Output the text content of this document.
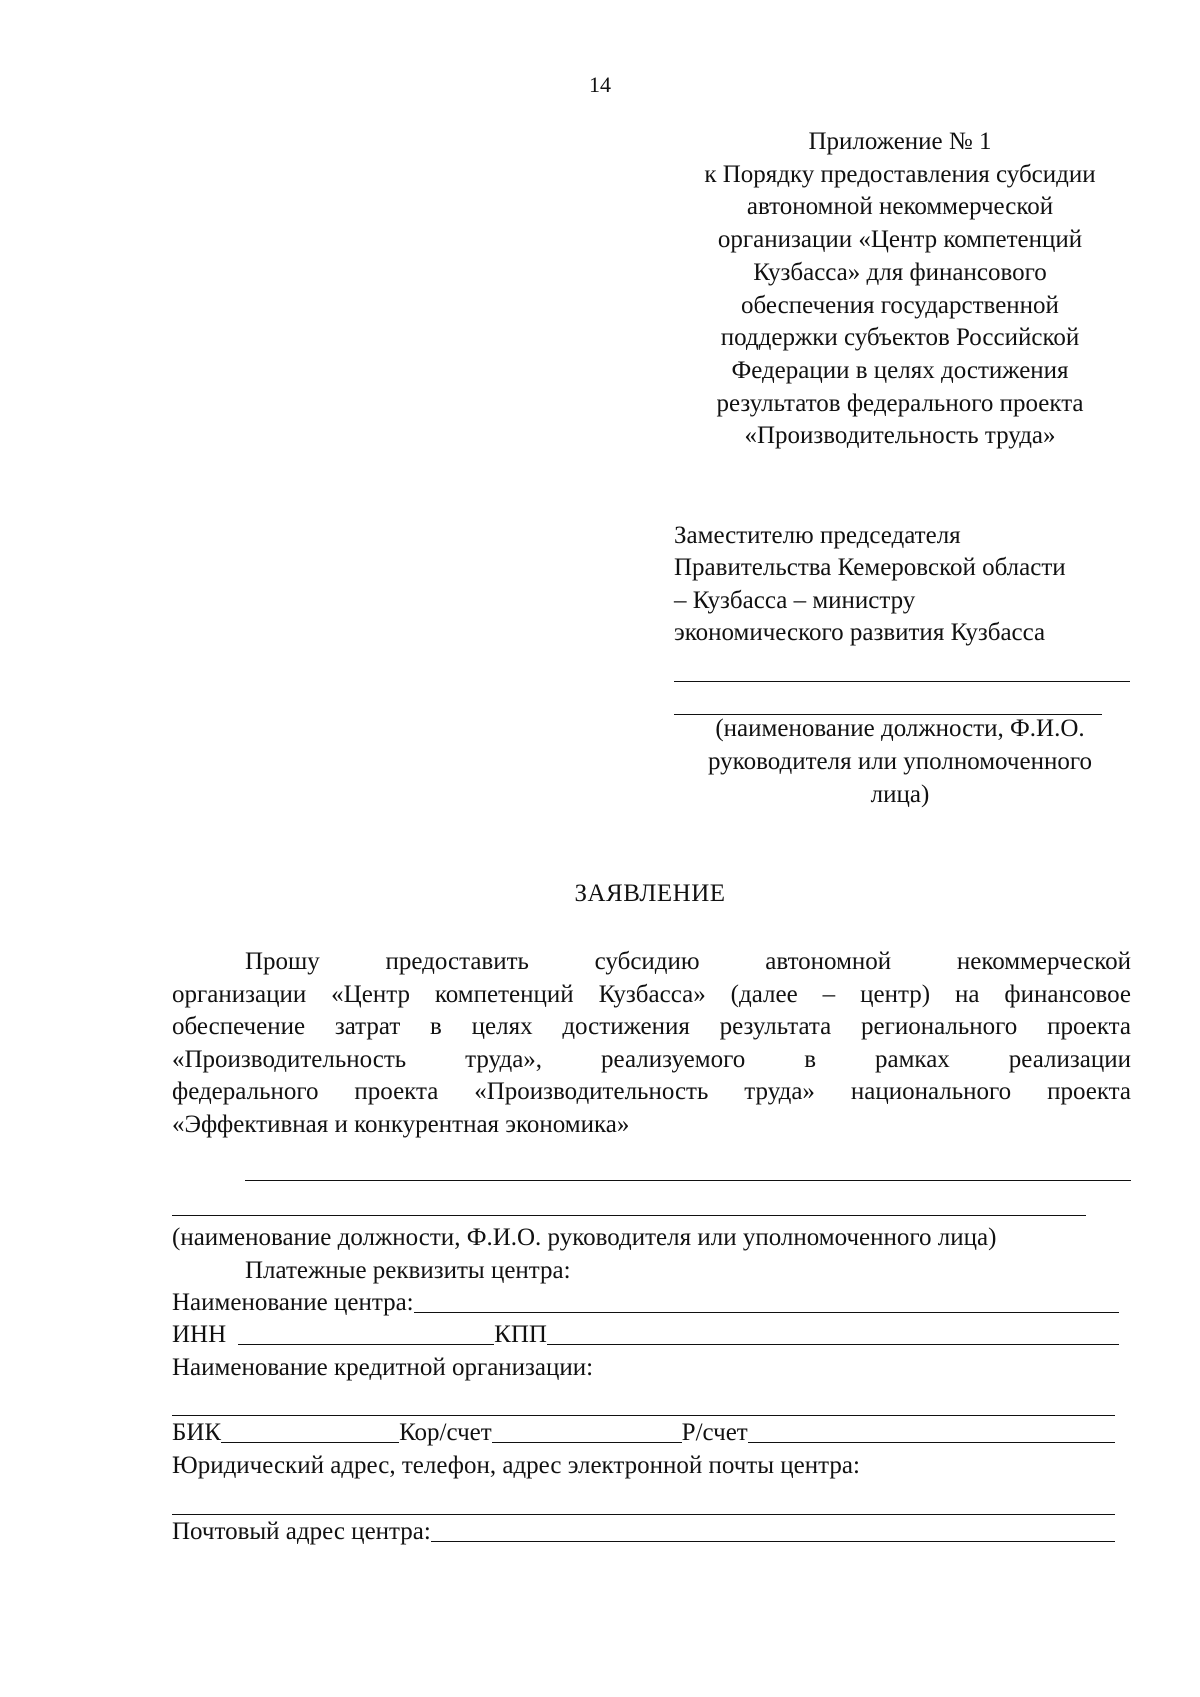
14
Приложение № 1
к Порядку предоставления субсидии
автономной некоммерческой
организации «Центр компетенций
Кузбасса» для финансового
обеспечения государственной
поддержки субъектов Российской
Федерации в целях достижения
результатов федерального проекта
«Производительность труда»
Заместителю председателя
Правительства Кемеровской области
– Кузбасса – министру
экономического развития Кузбасса
(наименование должности, Ф.И.О.
руководителя или уполномоченного
лица)
ЗАЯВЛЕНИЕ
Прошу предоставить субсидию автономной некоммерческой
организации «Центр компетенций Кузбасса» (далее – центр) на финансовое
обеспечение затрат в целях достижения результата регионального проекта
«Производительность труда», реализуемого в рамках реализации
федерального проекта «Производительность труда» национального проекта
«Эффективная и конкурентная экономика»
(наименование должности, Ф.И.О. руководителя или уполномоченного лица)
Платежные реквизиты центра:
Наименование центра:
ИНН	КПП
Наименование кредитной организации:
БИК	Кор/счет	Р/счет
Юридический адрес, телефон, адрес электронной почты центра:
Почтовый адрес центра:
